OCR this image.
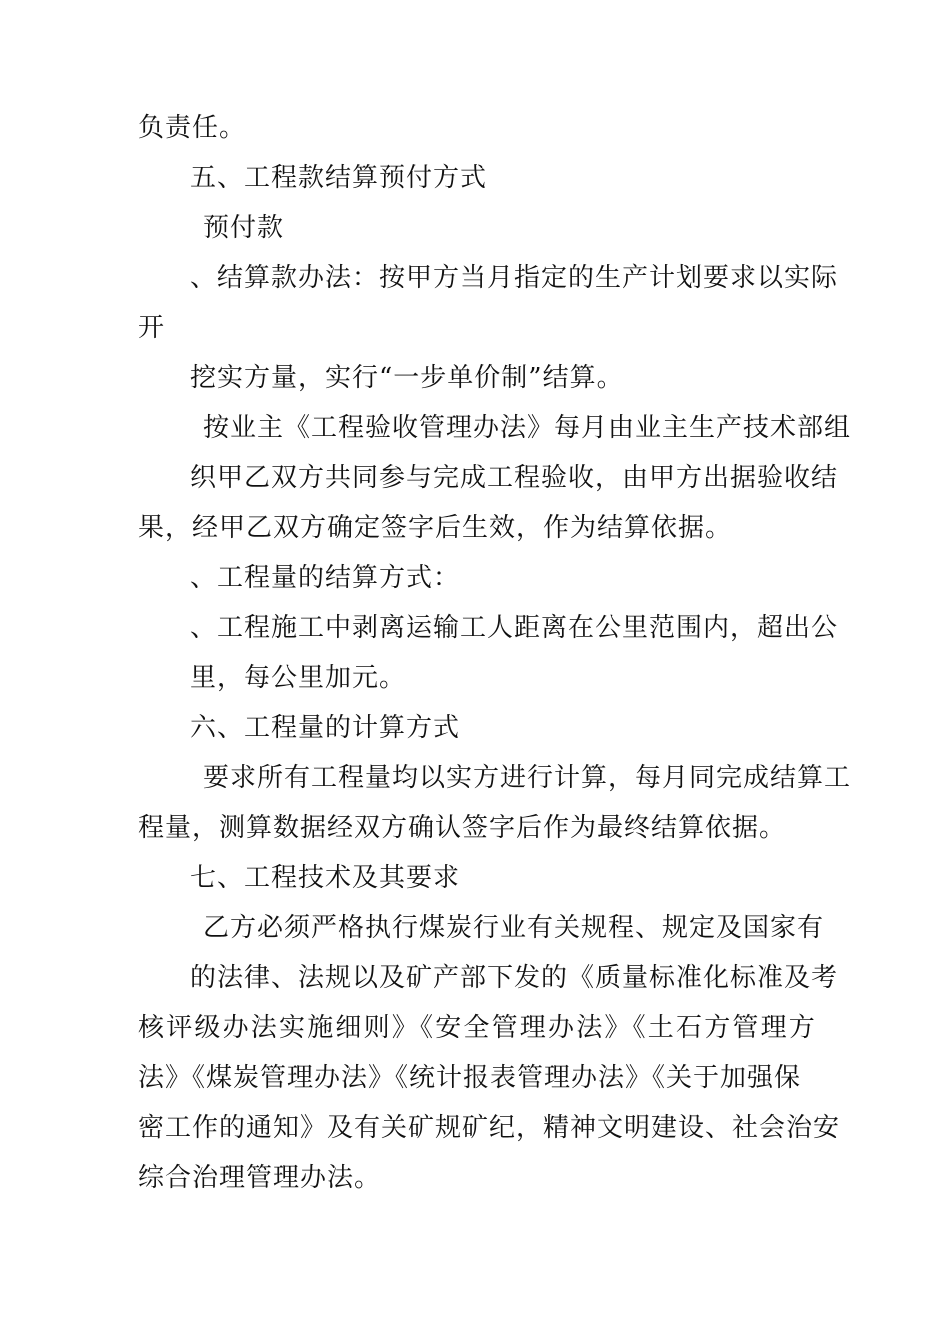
负责任。
五、工程款结算预付方式
预付款
、结算款办法：按甲方当月指定的生产计划要求以实际
开
挖实方量，实行“一步单价制”结算。
按业主《工程验收管理办法》每月由业主生产技术部组
织甲乙双方共同参与完成工程验收，由甲方出据验收结
果，经甲乙双方确定签字后生效，作为结算依据。
、工程量的结算方式：
、工程施工中剥离运输工人距离在公里范围内，超出公
里，每公里加元。
六、工程量的计算方式
要求所有工程量均以实方进行计算，每月同完成结算工
程量，测算数据经双方确认签字后作为最终结算依据。
七、工程技术及其要求
乙方必须严格执行煤炭行业有关规程、规定及国家有
的法律、法规以及矿产部下发的《质量标准化标准及考
核评级办法实施细则》《安全管理办法》《土石方管理方
法》《煤炭管理办法》《统计报表管理办法》《关于加强保
密工作的通知》及有关矿规矿纪，精神文明建设、社会治安
综合治理管理办法。
